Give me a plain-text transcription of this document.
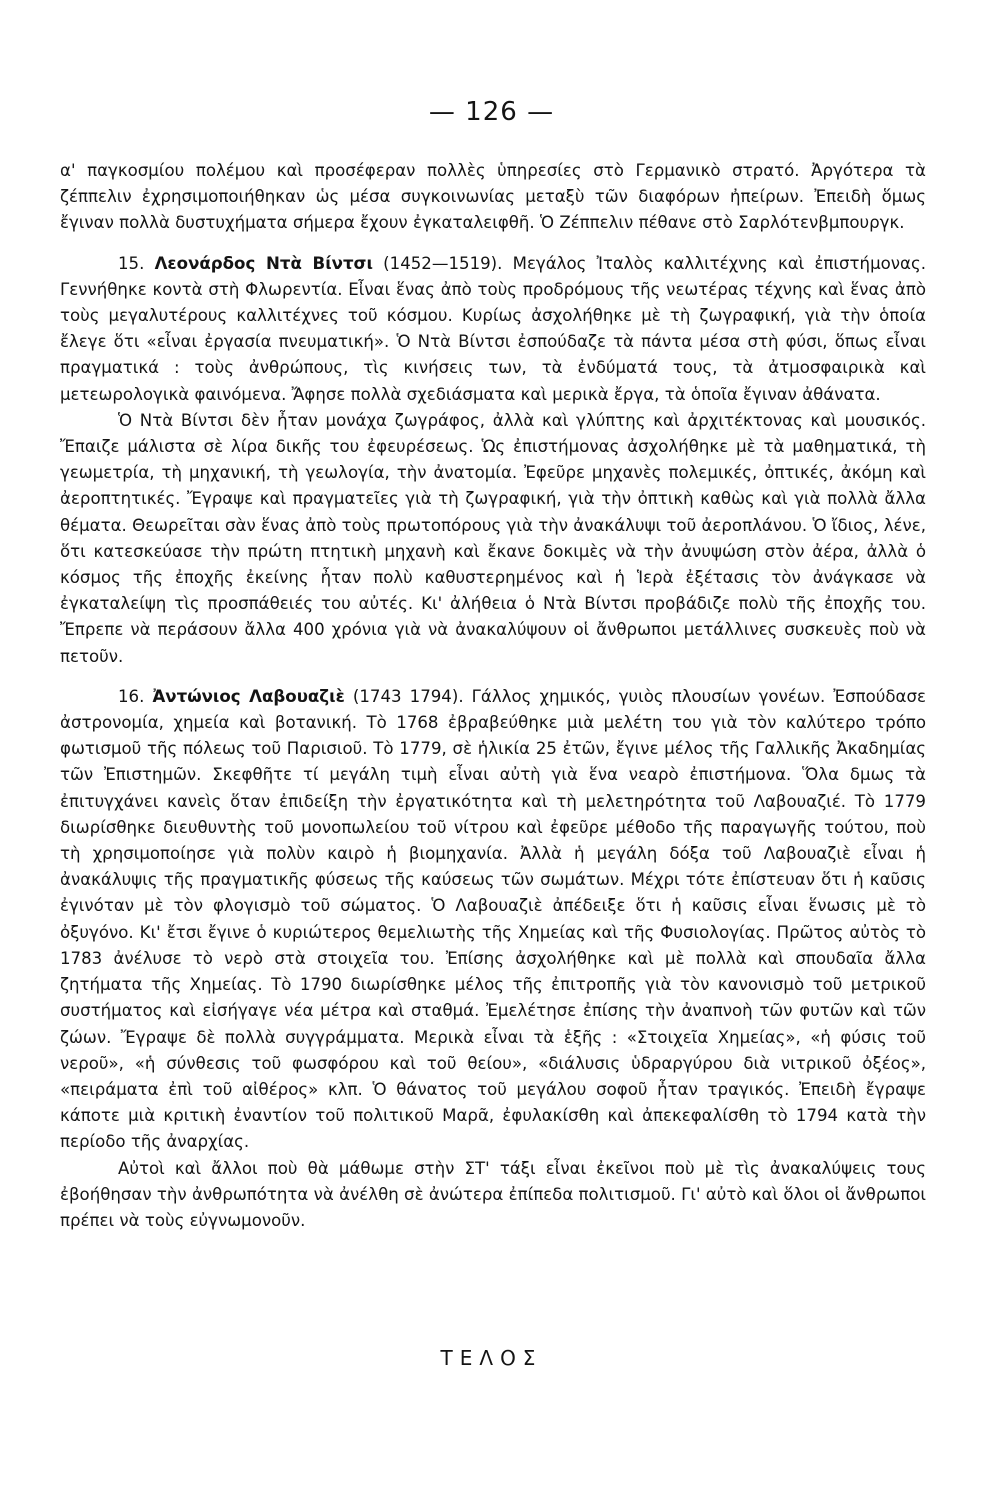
— 126 —

α' παγκοσμίου πολέμου καὶ προσέφεραν πολλὲς ὑπηρεσίες στὸ Γερμανικὸ στρατό. Ἀργότερα τὰ ζέππελιν ἐχρησιμοποιήθηκαν ὡς μέσα συγκοινωνίας μεταξὺ τῶν διαφόρων ἠπείρων. Ἐπειδὴ ὅμως ἔγιναν πολλὰ δυστυχήματα σήμερα ἔχουν ἐγκαταλειφθῆ. Ὁ Ζέππελιν πέθανε στὸ Σαρλότενβμπουργκ.

15. Λεονάρδος Ντὰ Βίντσι (1452—1519). Μεγάλος Ἰταλὸς καλλιτέχνης καὶ ἐπιστήμονας. Γεννήθηκε κοντὰ στὴ Φλωρεντία. Εἶναι ἕνας ἀπὸ τοὺς προδρόμους τῆς νεωτέρας τέχνης καὶ ἕνας ἀπὸ τοὺς μεγαλυτέρους καλλιτέχνες τοῦ κόσμου. Κυρίως ἀσχολήθηκε μὲ τὴ ζωγραφική, γιὰ τὴν ὁποία ἔλεγε ὅτι «εἶναι ἐργασία πνευματική». Ὁ Ντὰ Βίντσι ἐσπούδαζε τὰ πάντα μέσα στὴ φύσι, ὅπως εἶναι πραγματικά : τοὺς ἀνθρώπους, τὶς κινήσεις των, τὰ ἐνδύματά τους, τὰ ἀτμοσφαιρικὰ καὶ μετεωρολογικὰ φαινόμενα. Ἄφησε πολλὰ σχεδιάσματα καὶ μερικὰ ἔργα, τὰ ὁποῖα ἔγιναν ἀθάνατα.

Ὁ Ντὰ Βίντσι δὲν ἦταν μονάχα ζωγράφος, ἀλλὰ καὶ γλύπτης καὶ ἀρχιτέκτονας καὶ μουσικός. Ἔπαιζε μάλιστα σὲ λίρα δικῆς του ἐφευρέσεως. Ὡς ἐπιστήμονας ἀσχολήθηκε μὲ τὰ μαθηματικά, τὴ γεωμετρία, τὴ μηχανική, τὴ γεωλογία, τὴν ἀνατομία. Ἐφεῦρε μηχανὲς πολεμικές, ὀπτικές, ἀκόμη καὶ ἀεροπτητικές. Ἔγραψε καὶ πραγματεῖες γιὰ τὴ ζωγραφική, γιὰ τὴν ὀπτικὴ καθὼς καὶ γιὰ πολλὰ ἄλλα θέματα. Θεωρεῖται σὰν ἕνας ἀπὸ τοὺς πρωτοπόρους γιὰ τὴν ἀνακάλυψι τοῦ ἀεροπλάνου. Ὁ ἴδιος, λένε, ὅτι κατεσκεύασε τὴν πρώτη πτητικὴ μηχανὴ καὶ ἔκανε δοκιμὲς νὰ τὴν ἀνυψώση στὸν ἀέρα, ἀλλὰ ὁ κόσμος τῆς ἐποχῆς ἐκείνης ἦταν πολὺ καθυστερημένος καὶ ἡ Ἱερὰ ἐξέτασις τὸν ἀνάγκασε νὰ ἐγκαταλείψη τὶς προσπάθειές του αὐτές. Κι' ἀλήθεια ὁ Ντὰ Βίντσι προβάδιζε πολὺ τῆς ἐποχῆς του. Ἔπρεπε νὰ περάσουν ἄλλα 400 χρόνια γιὰ νὰ ἀνακαλύψουν οἱ ἄνθρωποι μετάλλινες συσκευὲς ποὺ νὰ πετοῦν.

16. Ἀντώνιος Λαβουαζιὲ (1743 1794). Γάλλος χημικός, γυιὸς πλουσίων γονέων. Ἐσπούδασε ἀστρονομία, χημεία καὶ βοτανική. Τὸ 1768 ἐβραβεύθηκε μιὰ μελέτη του γιὰ τὸν καλύτερο τρόπο φωτισμοῦ τῆς πόλεως τοῦ Παρισιοῦ. Τὸ 1779, σὲ ἡλικία 25 ἐτῶν, ἔγινε μέλος τῆς Γαλλικῆς Ἀκαδημίας τῶν Ἐπιστημῶν. Σκεφθῆτε τί μεγάλη τιμὴ εἶναι αὐτὴ γιὰ ἕνα νεαρὸ ἐπιστήμονα. Ὅλα δμως τὰ ἐπιτυγχάνει κανεὶς ὅταν ἐπιδείξη τὴν ἐργατικότητα καὶ τὴ μελετηρότητα τοῦ Λαβουαζιέ. Τὸ 1779 διωρίσθηκε διευθυντὴς τοῦ μονοπωλείου τοῦ νίτρου καὶ ἐφεῦρε μέθοδο τῆς παραγωγῆς τούτου, ποὺ τὴ χρησιμοποίησε γιὰ πολὺν καιρὸ ἡ βιομηχανία. Ἀλλὰ ἡ μεγάλη δόξα τοῦ Λαβουαζιὲ εἶναι ἡ ἀνακάλυψις τῆς πραγματικῆς φύσεως τῆς καύσεως τῶν σωμάτων. Μέχρι τότε ἐπίστευαν ὅτι ἡ καῦσις ἐγινόταν μὲ τὸν φλογισμὸ τοῦ σώματος. Ὁ Λαβουαζιὲ ἀπέδειξε ὅτι ἡ καῦσις εἶναι ἕνωσις μὲ τὸ ὀξυγόνο. Κι' ἔτσι ἔγινε ὁ κυριώτερος θεμελιωτὴς τῆς Χημείας καὶ τῆς Φυσιολογίας. Πρῶτος αὐτὸς τὸ 1783 ἀνέλυσε τὸ νερὸ στὰ στοιχεῖα του. Ἐπίσης ἀσχολήθηκε καὶ μὲ πολλὰ καὶ σπουδαῖα ἄλλα ζητήματα τῆς Χημείας. Τὸ 1790 διωρίσθηκε μέλος τῆς ἐπιτροπῆς γιὰ τὸν κανονισμὸ τοῦ μετρικοῦ συστήματος καὶ εἰσήγαγε νέα μέτρα καὶ σταθμά. Ἐμελέτησε ἐπίσης τὴν ἀναπνοὴ τῶν φυτῶν καὶ τῶν ζώων. Ἔγραψε δὲ πολλὰ συγγράμματα. Μερικὰ εἶναι τὰ ἑξῆς : «Στοιχεῖα Χημείας», «ἡ φύσις τοῦ νεροῦ», «ἡ σύνθεσις τοῦ φωσφόρου καὶ τοῦ θείου», «διάλυσις ὑδραργύρου διὰ νιτρικοῦ ὀξέος», «πειράματα ἐπὶ τοῦ αἰθέρος» κλπ. Ὁ θάνατος τοῦ μεγάλου σοφοῦ ἦταν τραγικός. Ἐπειδὴ ἔγραψε κάποτε μιὰ κριτικὴ ἐναντίον τοῦ πολιτικοῦ Μαρᾶ, ἐφυλακίσθη καὶ ἀπεκεφαλίσθη τὸ 1794 κατὰ τὴν περίοδο τῆς ἀναρχίας.

Αὐτοὶ καὶ ἄλλοι ποὺ θὰ μάθωμε στὴν ΣΤ' τάξι εἶναι ἐκεῖνοι ποὺ μὲ τὶς ἀνακαλύψεις τους ἐβοήθησαν τὴν ἀνθρωπότητα νὰ ἀνέλθη σὲ ἀνώτερα ἐπίπεδα πολιτισμοῦ. Γι' αὐτὸ καὶ ὅλοι οἱ ἄνθρωποι πρέπει νὰ τοὺς εὐγνωμονοῦν.

ΤΕΛΟΣ
